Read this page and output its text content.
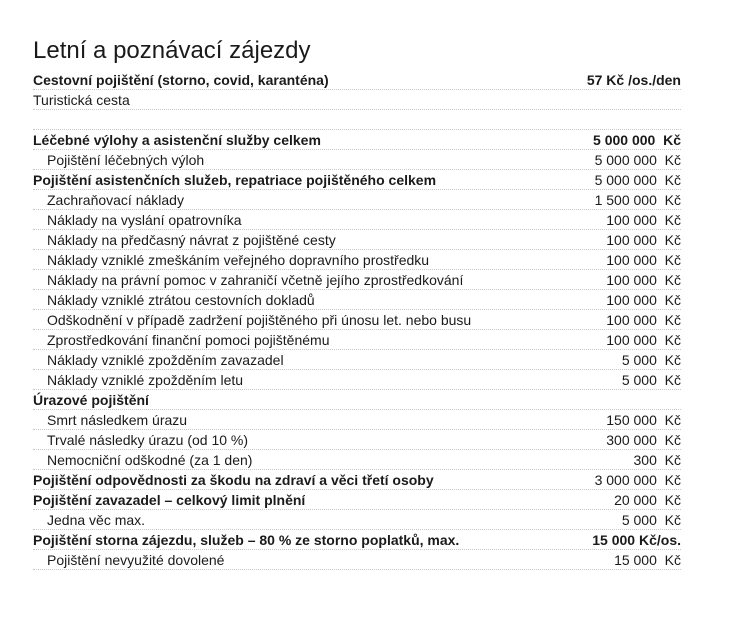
Letní a poznávací zájezdy
Cestovní pojištění (storno, covid, karanténa)	57 Kč /os./den
Turistická cesta
Léčebné výlohy a asistenční služby celkem	5 000 000  Kč
Pojištění léčebných výloh	5 000 000  Kč
Pojištění asistenčních služeb, repatriace pojištěného celkem	5 000 000  Kč
Zachraňovací náklady	1 500 000  Kč
Náklady na vyslání opatrovníka	100 000  Kč
Náklady na předčasný návrat z pojištěné cesty	100 000  Kč
Náklady vzniklé zmeškáním veřejného dopravního prostředku	100 000  Kč
Náklady na právní pomoc v zahraničí včetně jejího zprostředkování	100 000  Kč
Náklady vzniklé ztrátou cestovních dokladů	100 000  Kč
Odškodnění v případě zadržení pojištěného při únosu let. nebo busu	100 000  Kč
Zprostředkování finanční pomoci pojištěnému	100 000  Kč
Náklady vzniklé zpožděním zavazadel	5 000  Kč
Náklady vzniklé zpožděním letu	5 000  Kč
Úrazové pojištění
Smrt následkem úrazu	150 000  Kč
Trvalé následky úrazu (od 10 %)	300 000  Kč
Nemocniční odškodné (za 1 den)	300  Kč
Pojištění odpovědnosti za škodu na zdraví a věci třetí osoby	3 000 000  Kč
Pojištění zavazadel – celkový limit plnění	20 000  Kč
Jedna věc max.	5 000  Kč
Pojištění storna zájezdu, služeb – 80 % ze storno poplatků, max.	15 000 Kč/os.
Pojištění nevyužité dovolené	15 000  Kč
